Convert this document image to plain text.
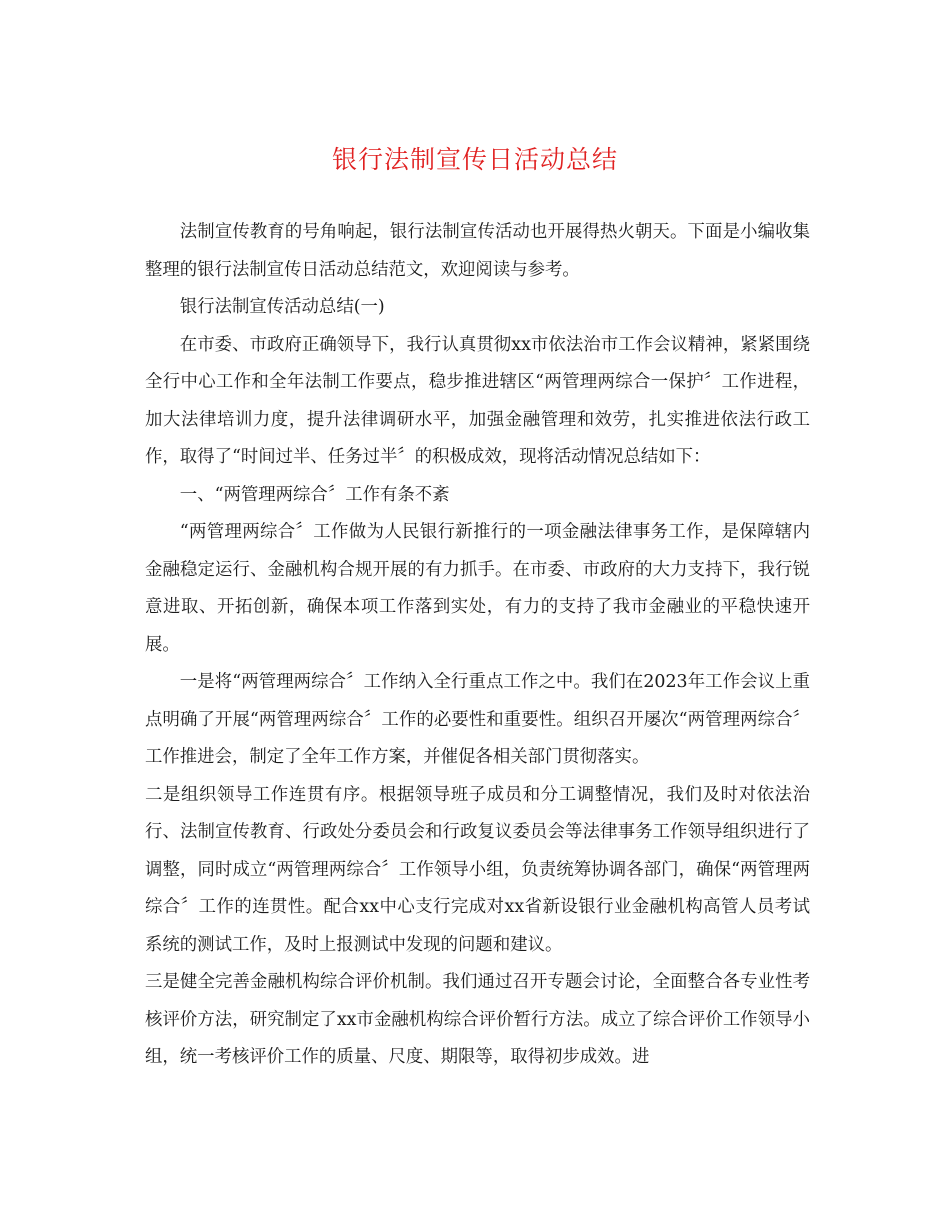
银行法制宣传日活动总结

法制宣传教育的号角响起，银行法制宣传活动也开展得热火朝天。下面是小编收集整理的银行法制宣传日活动总结范文，欢迎阅读与参考。

银行法制宣传活动总结(一)

在市委、市政府正确领导下，我行认真贯彻xx市依法治市工作会议精神，紧紧围绕全行中心工作和全年法制工作要点，稳步推进辖区“两管理两综合一保护〞工作进程，加大法律培训力度，提升法律调研水平，加强金融管理和效劳，扎实推进依法行政工作，取得了“时间过半、任务过半〞的积极成效，现将活动情况总结如下：

一、“两管理两综合〞工作有条不紊

“两管理两综合〞工作做为人民银行新推行的一项金融法律事务工作，是保障辖内金融稳定运行、金融机构合规开展的有力抓手。在市委、市政府的大力支持下，我行锐意进取、开拓创新，确保本项工作落到实处，有力的支持了我市金融业的平稳快速开展。

一是将“两管理两综合〞工作纳入全行重点工作之中。我们在2023年工作会议上重点明确了开展“两管理两综合〞工作的必要性和重要性。组织召开屡次“两管理两综合〞工作推进会，制定了全年工作方案，并催促各相关部门贯彻落实。

二是组织领导工作连贯有序。根据领导班子成员和分工调整情况，我们及时对依法治行、法制宣传教育、行政处分委员会和行政复议委员会等法律事务工作领导组织进行了调整，同时成立“两管理两综合〞工作领导小组，负责统筹协调各部门，确保“两管理两综合〞工作的连贯性。配合xx中心支行完成对xx省新设银行业金融机构高管人员考试系统的测试工作，及时上报测试中发现的问题和建议。

三是健全完善金融机构综合评价机制。我们通过召开专题会讨论，全面整合各专业性考核评价方法，研究制定了xx市金融机构综合评价暂行方法。成立了综合评价工作领导小组，统一考核评价工作的质量、尺度、期限等，取得初步成效。进
